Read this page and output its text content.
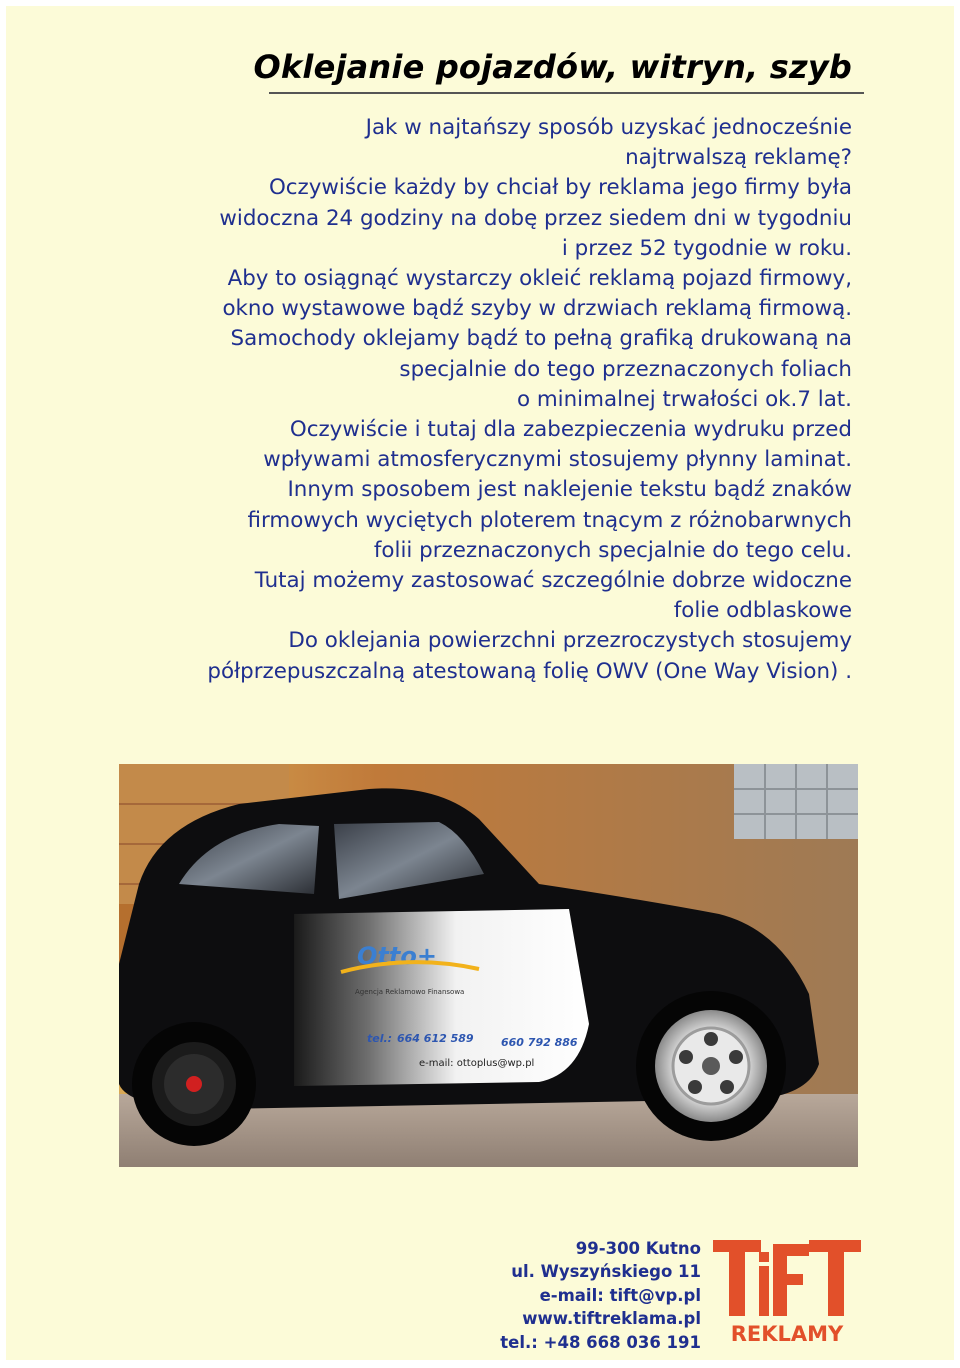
Oklejanie pojazdów, witryn, szyb
Jak w najtańszy sposób uzyskać jednocześnie
najtrwalszą reklamę?
Oczywiście każdy by chciał by reklama jego firmy była
widoczna 24 godziny na dobę przez siedem dni w tygodniu
i przez 52 tygodnie w roku.
Aby to osiągnąć wystarczy okleić reklamą pojazd firmowy,
okno wystawowe bądź szyby w drzwiach reklamą firmową.
Samochody oklejamy bądź to pełną grafiką drukowaną na
specjalnie do tego przeznaczonych foliach
o minimalnej trwałości ok.7 lat.
Oczywiście i tutaj dla zabezpieczenia wydruku przed
wpływami atmosferycznymi stosujemy płynny laminat.
Innym sposobem jest naklejenie tekstu bądź znaków
firmowych wyciętych ploterem tnącym z różnobarwnych
folii przeznaczonych specjalnie do tego celu.
Tutaj możemy zastosować szczególnie dobrze widoczne
folie odblaskowe
Do oklejania powierzchni przezroczystych stosujemy
półprzepuszczalną atestowaną folię OWV (One Way Vision) .
Otto+
Agencja Reklamowo Finansowa
tel.: 664 612 589 660 792 886
e-mail: ottoplus@wp.pl
99-300 Kutno
ul. Wyszyńskiego 11
e-mail: tift@vp.pl
www.tiftreklama.pl
tel.: +48 668 036 191 REKLAMY
